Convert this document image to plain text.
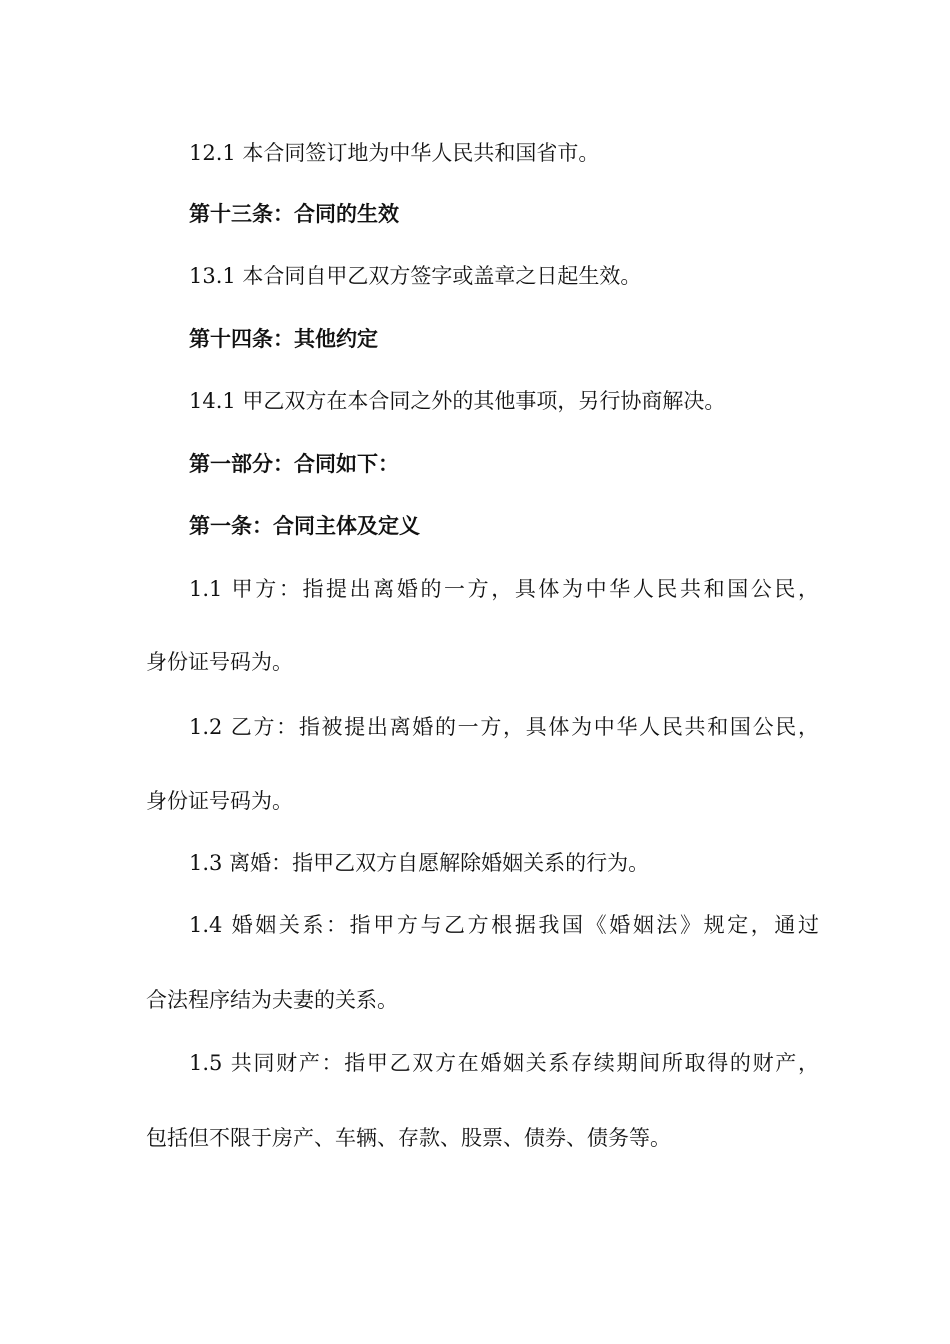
12.1 本合同签订地为中华人民共和国省市。
第十三条：合同的生效
13.1 本合同自甲乙双方签字或盖章之日起生效。
第十四条：其他约定
14.1 甲乙双方在本合同之外的其他事项，另行协商解决。
第一部分：合同如下：
第一条：合同主体及定义
1.1 甲方：指提出离婚的一方，具体为中华人民共和国公民，
身份证号码为。
1.2 乙方：指被提出离婚的一方，具体为中华人民共和国公民，
身份证号码为。
1.3 离婚：指甲乙双方自愿解除婚姻关系的行为。
1.4 婚姻关系：指甲方与乙方根据我国《婚姻法》规定，通过
合法程序结为夫妻的关系。
1.5 共同财产：指甲乙双方在婚姻关系存续期间所取得的财产，
包括但不限于房产、车辆、存款、股票、债券、债务等。
